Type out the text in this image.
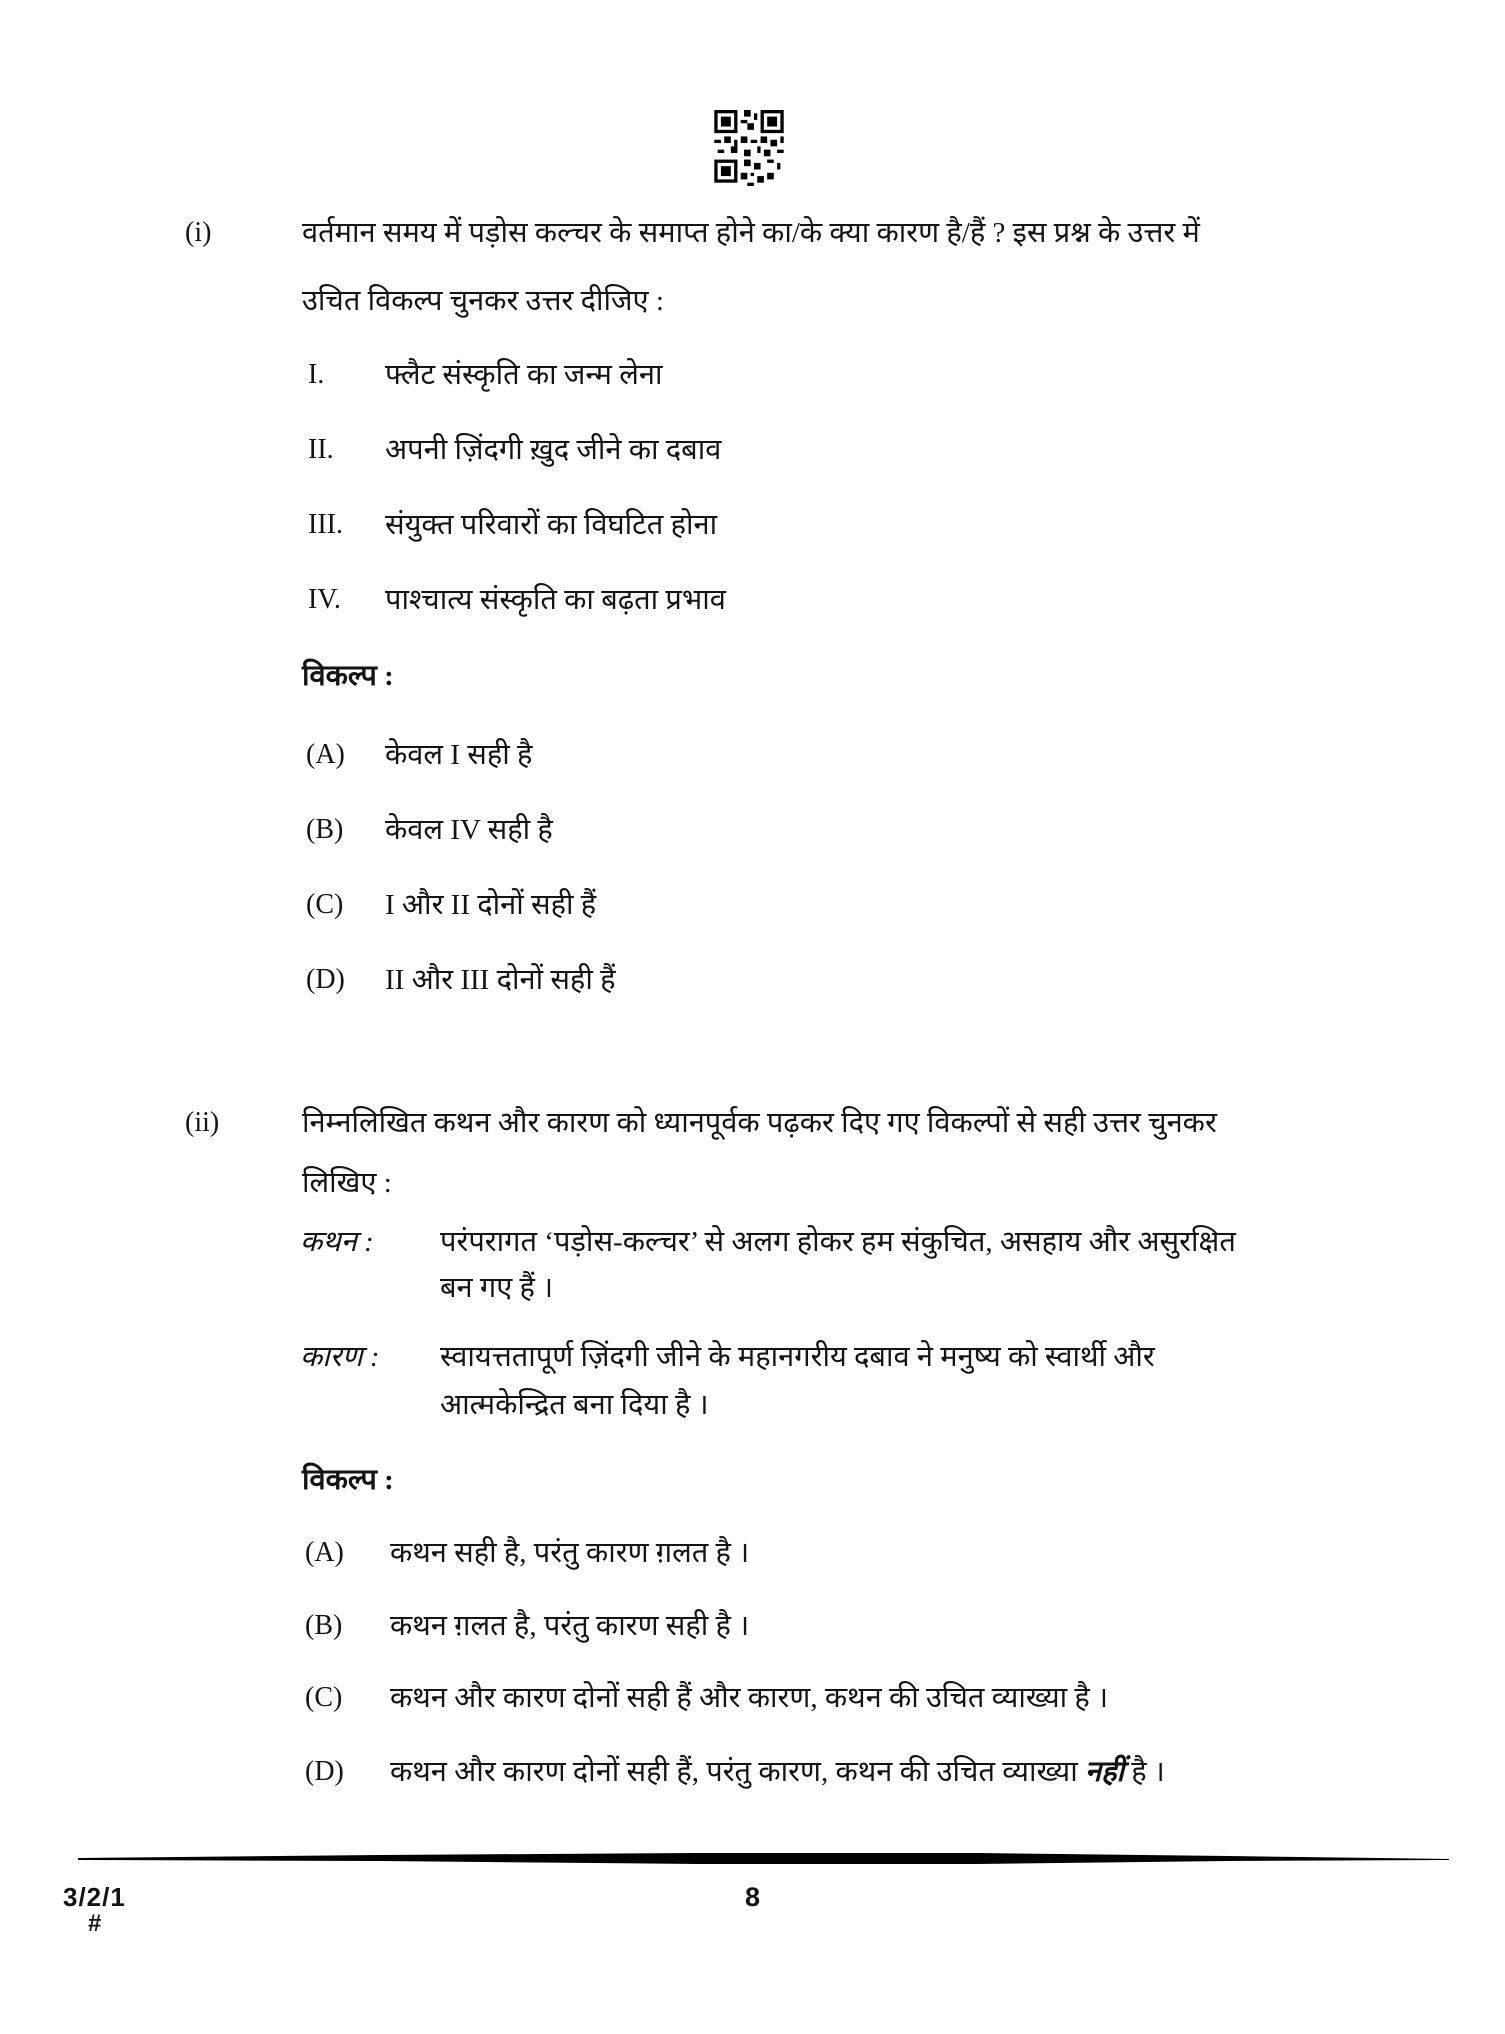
(i)	वर्तमान समय में पड़ोस कल्चर के समाप्त होने का/के क्या कारण है/हैं ? इस प्रश्न के उत्तर में
उचित विकल्प चुनकर उत्तर दीजिए :
I. फ्लैट संस्कृति का जन्म लेना
II. अपनी ज़िंदगी ख़ुद जीने का दबाव
III. संयुक्त परिवारों का विघटित होना
IV. पाश्चात्य संस्कृति का बढ़ता प्रभाव
विकल्प :
(A) केवल I सही है
(B) केवल IV सही है
(C) I और II दोनों सही हैं
(D) II और III दोनों सही हैं
(ii)	निम्नलिखित कथन और कारण को ध्यानपूर्वक पढ़कर दिए गए विकल्पों से सही उत्तर चुनकर
लिखिए :
कथन : परंपरागत ‘पड़ोस-कल्चर’ से अलग होकर हम संकुचित, असहाय और असुरक्षित
बन गए हैं ।
कारण : स्वायत्ततापूर्ण ज़िंदगी जीने के महानगरीय दबाव ने मनुष्य को स्वार्थी और
आत्मकेन्द्रित बना दिया है ।
विकल्प :
(A) कथन सही है, परंतु कारण ग़लत है ।
(B) कथन ग़लत है, परंतु कारण सही है ।
(C) कथन और कारण दोनों सही हैं और कारण, कथन की उचित व्याख्या है ।
(D) कथन और कारण दोनों सही हैं, परंतु कारण, कथन की उचित व्याख्या नहीं है ।
3/2/1
#
8
